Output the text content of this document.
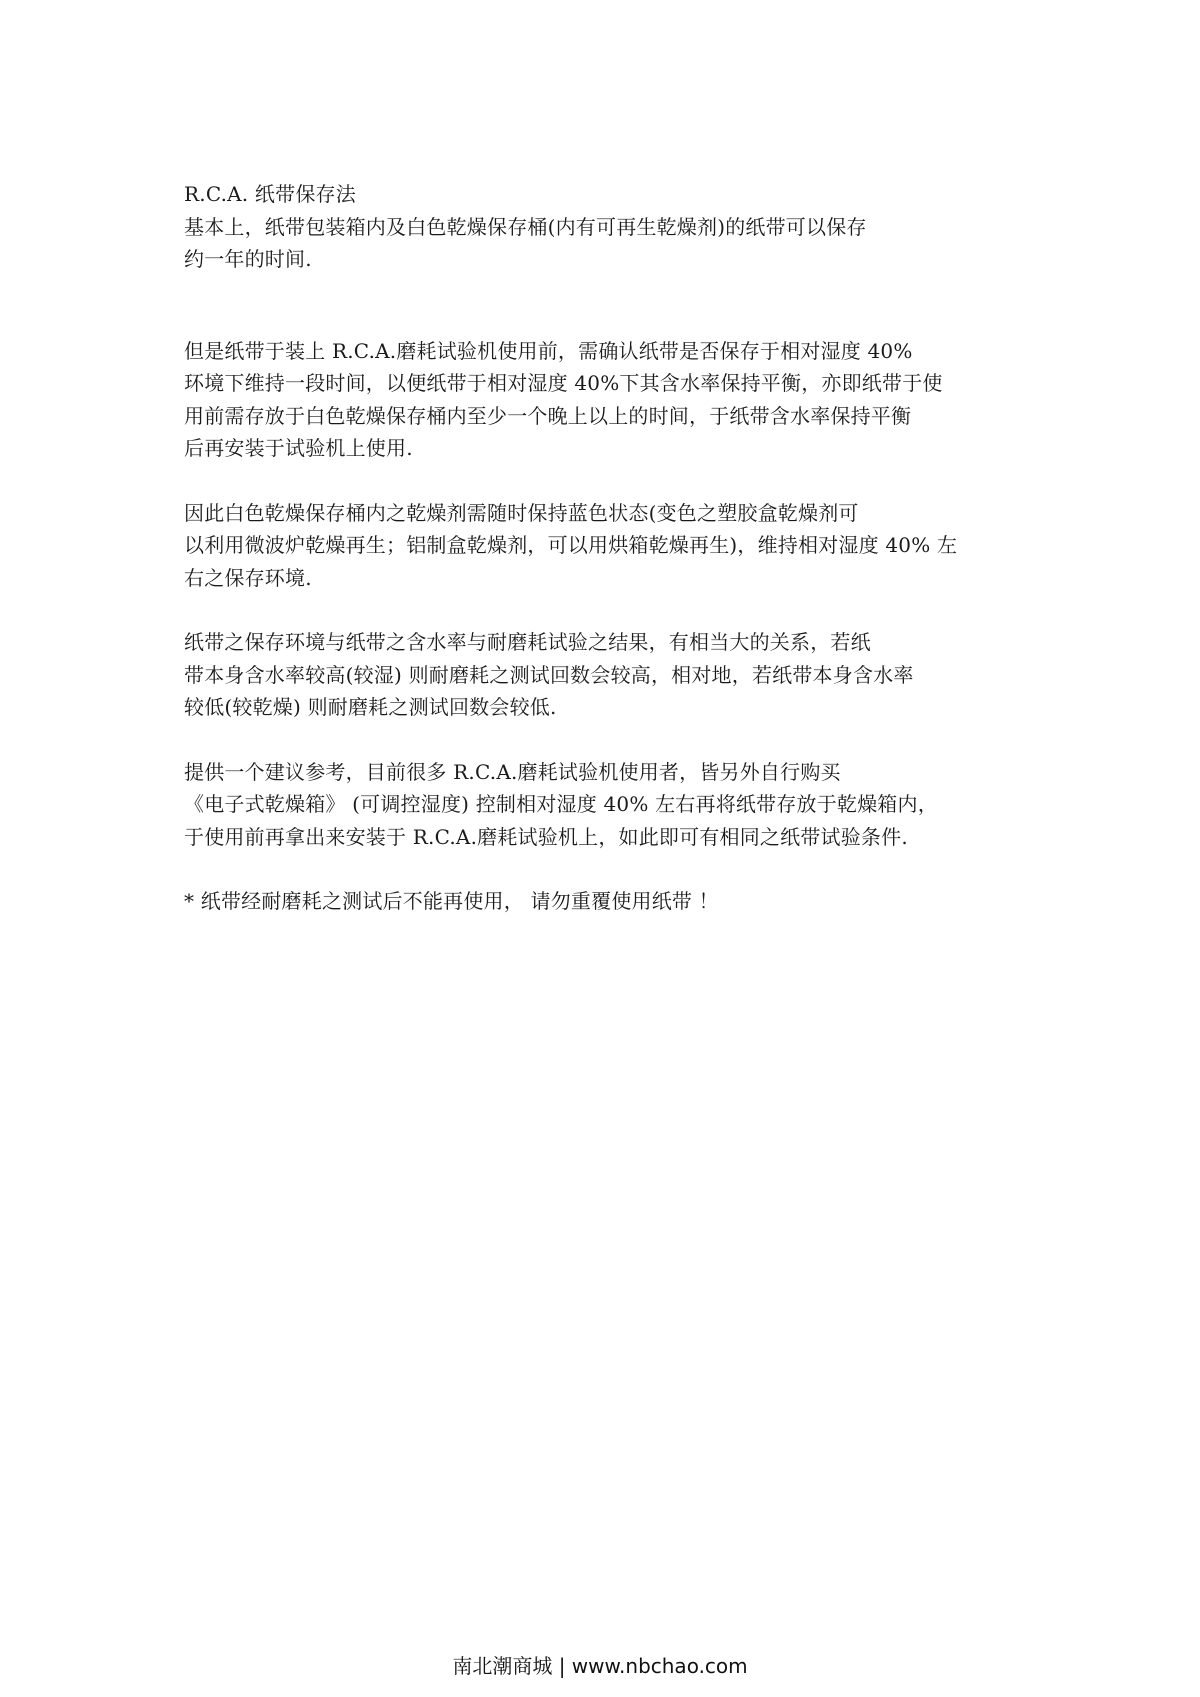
R.C.A. 纸带保存法
基本上，纸带包装箱内及白色乾燥保存桶(内有可再生乾燥剂)的纸带可以保存
约一年的时间.
但是纸带于装上 R.C.A.磨耗试验机使用前，需确认纸带是否保存于相对湿度 40%
环境下维持一段时间，以便纸带于相对湿度 40%下其含水率保持平衡，亦即纸带于使
用前需存放于白色乾燥保存桶内至少一个晚上以上的时间，于纸带含水率保持平衡
后再安装于试验机上使用.
因此白色乾燥保存桶内之乾燥剂需随时保持蓝色状态(变色之塑胶盒乾燥剂可
以利用微波炉乾燥再生；铝制盒乾燥剂，可以用烘箱乾燥再生)，维持相对湿度 40% 左
右之保存环境.
纸带之保存环境与纸带之含水率与耐磨耗试验之结果，有相当大的关系，若纸
带本身含水率较高(较湿) 则耐磨耗之测试回数会较高，相对地，若纸带本身含水率
较低(较乾燥) 则耐磨耗之测试回数会较低.
提供一个建议参考，目前很多 R.C.A.磨耗试验机使用者，皆另外自行购买
《电子式乾燥箱》 (可调控湿度) 控制相对湿度 40% 左右再将纸带存放于乾燥箱内，
于使用前再拿出来安装于 R.C.A.磨耗试验机上，如此即可有相同之纸带试验条件.
* 纸带经耐磨耗之测试后不能再使用， 请勿重覆使用纸带 ！
南北潮商城 | www.nbchao.com
